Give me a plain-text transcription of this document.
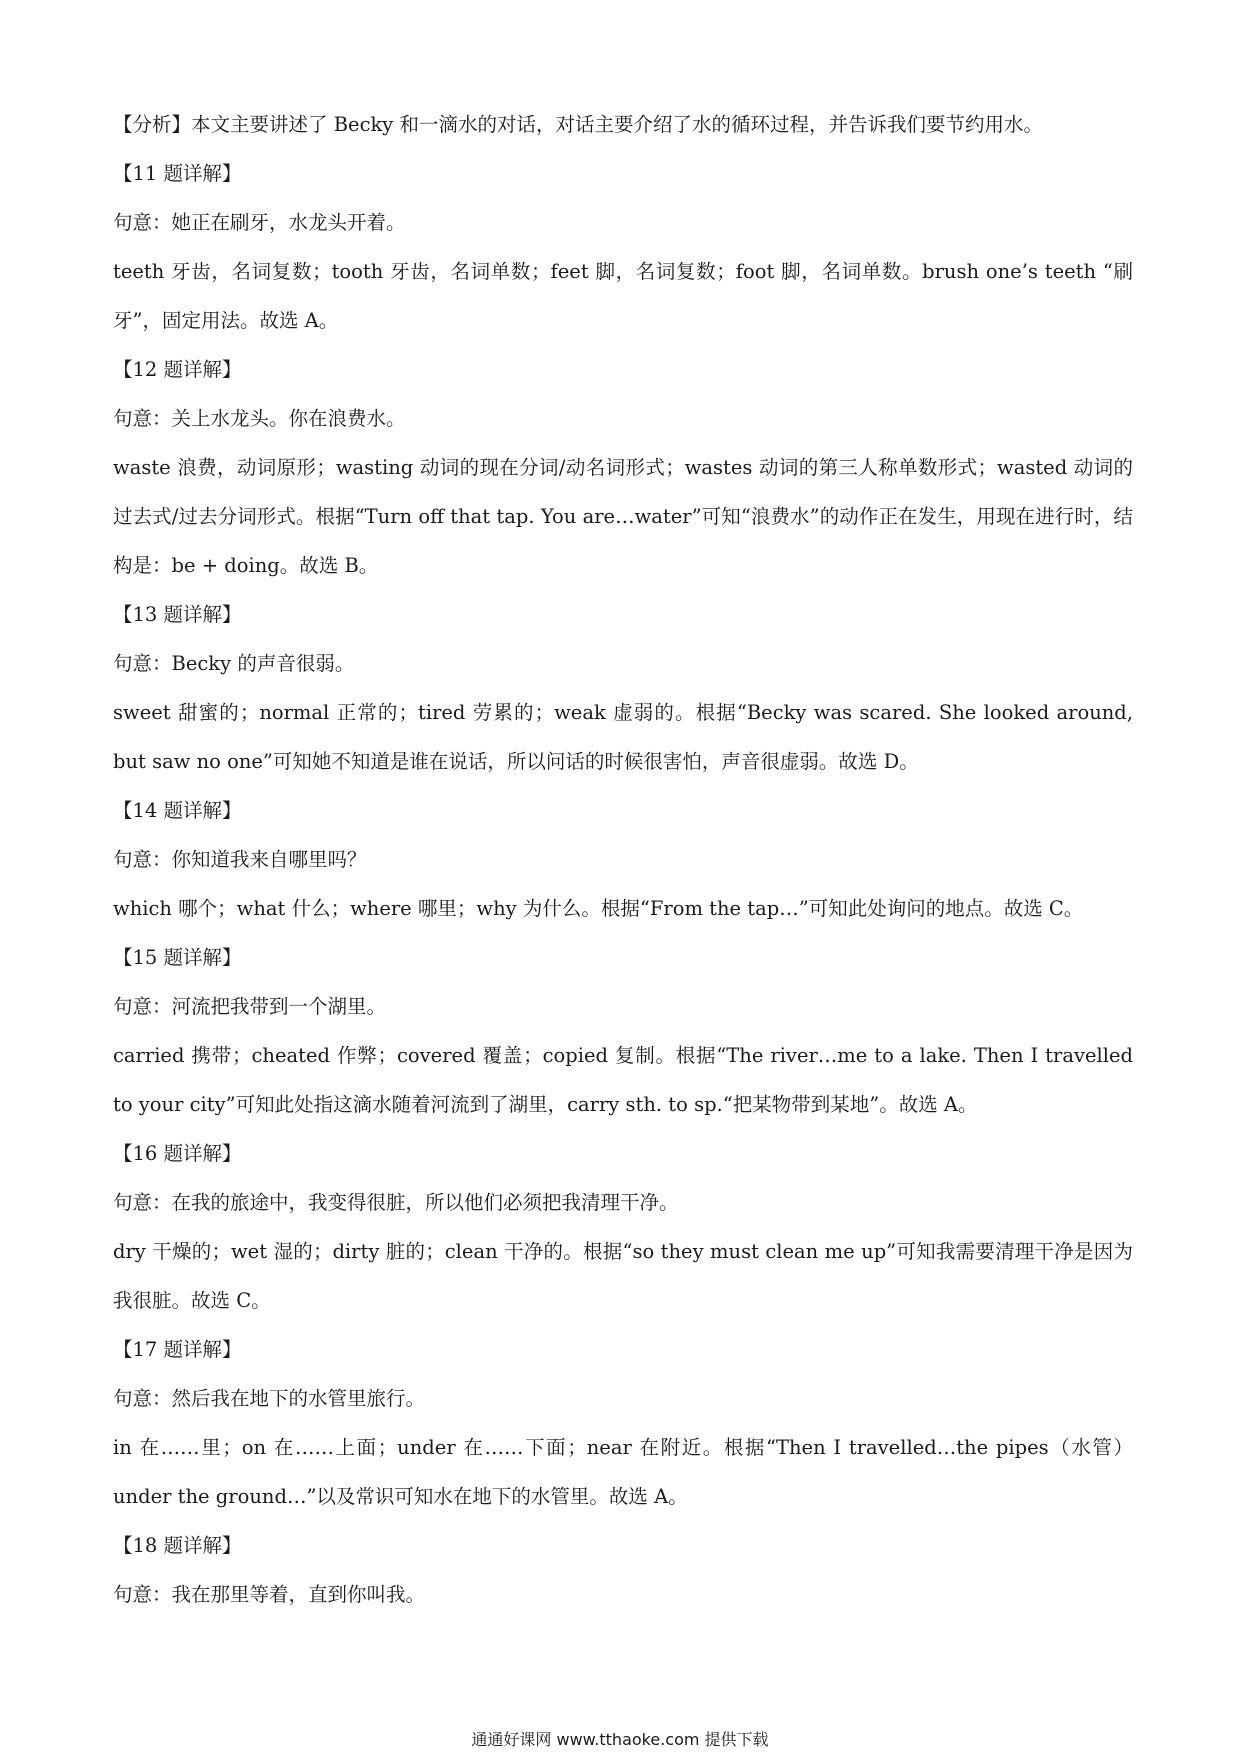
【分析】本文主要讲述了 Becky 和一滴水的对话，对话主要介绍了水的循环过程，并告诉我们要节约用水。

【11 题详解】

句意：她正在刷牙，水龙头开着。

teeth 牙齿，名词复数；tooth 牙齿，名词单数；feet 脚，名词复数；foot 脚，名词单数。brush one’s teeth “刷牙”，固定用法。故选 A。

【12 题详解】

句意：关上水龙头。你在浪费水。

waste 浪费，动词原形；wasting 动词的现在分词/动名词形式；wastes 动词的第三人称单数形式；wasted 动词的过去式/过去分词形式。根据“Turn off that tap. You are…water”可知“浪费水”的动作正在发生，用现在进行时，结构是：be + doing。故选 B。

【13 题详解】

句意：Becky 的声音很弱。

sweet 甜蜜的；normal 正常的；tired 劳累的；weak 虚弱的。根据“Becky was scared. She looked around, but saw no one”可知她不知道是谁在说话，所以问话的时候很害怕，声音很虚弱。故选 D。

【14 题详解】

句意：你知道我来自哪里吗？

which 哪个；what 什么；where 哪里；why 为什么。根据“From the tap…”可知此处询问的地点。故选 C。

【15 题详解】

句意：河流把我带到一个湖里。

carried 携带；cheated 作弊；covered 覆盖；copied 复制。根据“The river…me to a lake. Then I travelled to your city”可知此处指这滴水随着河流到了湖里，carry sth. to sp.“把某物带到某地”。故选 A。

【16 题详解】

句意：在我的旅途中，我变得很脏，所以他们必须把我清理干净。

dry 干燥的；wet 湿的；dirty 脏的；clean 干净的。根据“so they must clean me up”可知我需要清理干净是因为我很脏。故选 C。

【17 题详解】

句意：然后我在地下的水管里旅行。

in 在……里；on 在……上面；under 在……下面；near 在附近。根据“Then I travelled…the pipes（水管）under the ground…”以及常识可知水在地下的水管里。故选 A。

【18 题详解】

句意：我在那里等着，直到你叫我。

通通好课网 www.tthaoke.com 提供下载
